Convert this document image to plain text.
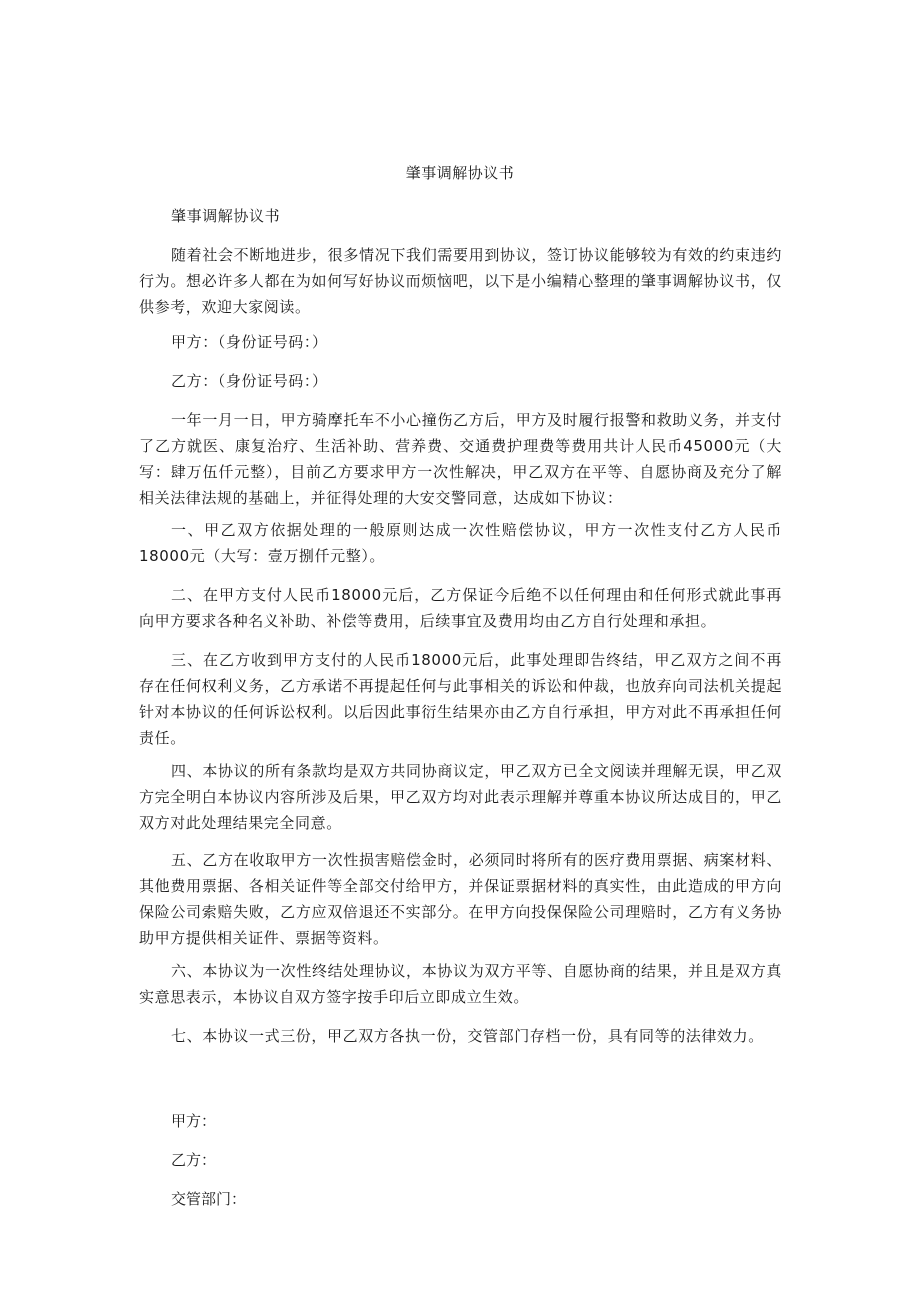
肇事调解协议书

肇事调解协议书

随着社会不断地进步，很多情况下我们需要用到协议，签订协议能够较为有效的约束违约行为。想必许多人都在为如何写好协议而烦恼吧，以下是小编精心整理的肇事调解协议书，仅供参考，欢迎大家阅读。

甲方：（身份证号码：）

乙方：（身份证号码：）

一年一月一日，甲方骑摩托车不小心撞伤乙方后，甲方及时履行报警和救助义务，并支付了乙方就医、康复治疗、生活补助、营养费、交通费护理费等费用共计人民币45000元（大写：肆万伍仟元整），目前乙方要求甲方一次性解决，甲乙双方在平等、自愿协商及充分了解相关法律法规的基础上，并征得处理的大安交警同意，达成如下协议：

一、甲乙双方依据处理的一般原则达成一次性赔偿协议，甲方一次性支付乙方人民币18000元（大写：壹万捌仟元整）。

二、在甲方支付人民币18000元后，乙方保证今后绝不以任何理由和任何形式就此事再向甲方要求各种名义补助、补偿等费用，后续事宜及费用均由乙方自行处理和承担。

三、在乙方收到甲方支付的人民币18000元后，此事处理即告终结，甲乙双方之间不再存在任何权利义务，乙方承诺不再提起任何与此事相关的诉讼和仲裁，也放弃向司法机关提起针对本协议的任何诉讼权利。以后因此事衍生结果亦由乙方自行承担，甲方对此不再承担任何责任。

四、本协议的所有条款均是双方共同协商议定，甲乙双方已全文阅读并理解无误，甲乙双方完全明白本协议内容所涉及后果，甲乙双方均对此表示理解并尊重本协议所达成目的，甲乙双方对此处理结果完全同意。

五、乙方在收取甲方一次性损害赔偿金时，必须同时将所有的医疗费用票据、病案材料、其他费用票据、各相关证件等全部交付给甲方，并保证票据材料的真实性，由此造成的甲方向保险公司索赔失败，乙方应双倍退还不实部分。在甲方向投保保险公司理赔时，乙方有义务协助甲方提供相关证件、票据等资料。

六、本协议为一次性终结处理协议，本协议为双方平等、自愿协商的结果，并且是双方真实意思表示，本协议自双方签字按手印后立即成立生效。

七、本协议一式三份，甲乙双方各执一份，交管部门存档一份，具有同等的法律效力。

甲方：
乙方：
交管部门：
